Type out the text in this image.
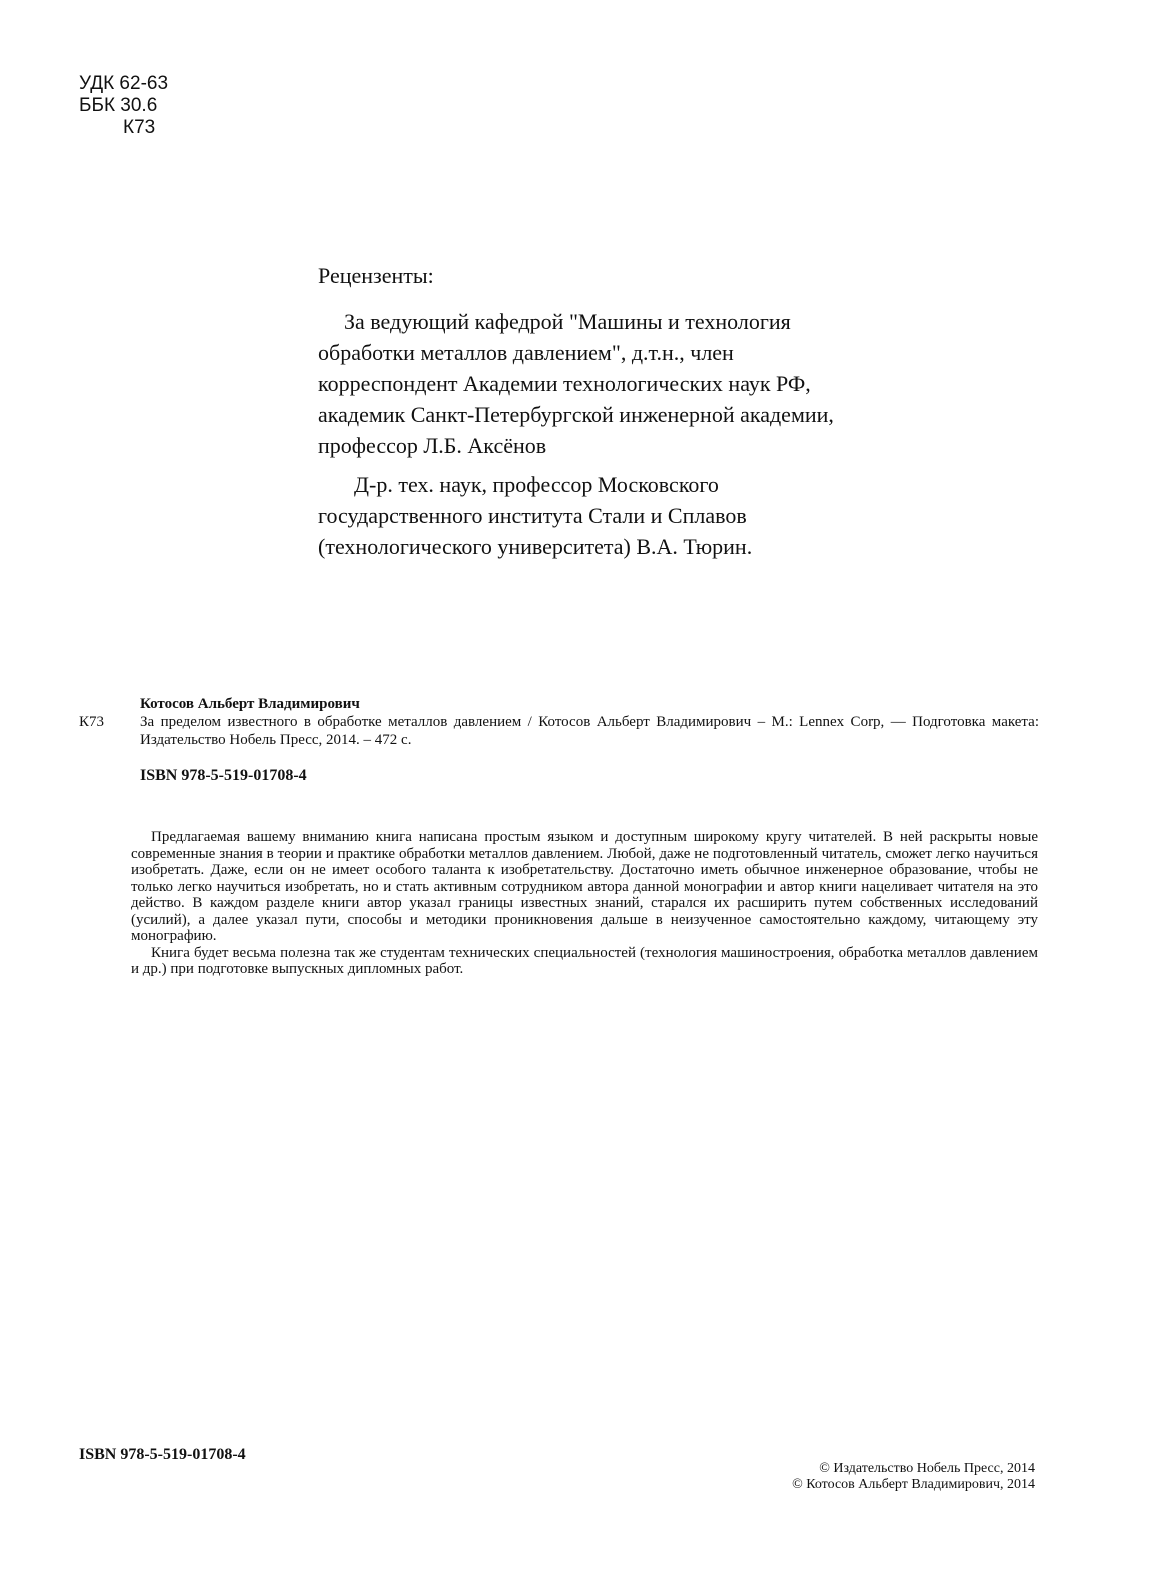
УДК 62-63
ББК 30.6
К73
Рецензенты:
За ведующий кафедрой "Машины и технология обработки металлов давлением", д.т.н., член корреспондент Академии технологических наук РФ, академик Санкт-Петербургской инженерной академии, профессор Л.Б. Аксёнов
Д-р. тех. наук, профессор Московского государственного института Стали и Сплавов (технологического университета) В.А. Тюрин.
Котосов Альберт Владимирович
К73	За пределом известного в обработке металлов давлением / Котосов Альберт Владимирович – М.: Lennex Corp, — Подготовка макета: Издательство Нобель Пресс, 2014. – 472 с.
ISBN 978-5-519-01708-4

Предлагаемая вашему вниманию книга написана простым языком и доступным широкому кругу читателей. В ней раскрыты новые современные знания в теории и практике обработки металлов давлением. Любой, даже не подготовленный читатель, сможет легко научиться изобретать. Даже, если он не имеет особого таланта к изобретательству. Достаточно иметь обычное инженерное образование, чтобы не только легко научиться изобретать, но и стать активным сотрудником автора данной монографии и автор книги нацеливает читателя на это действо. В каждом разделе книги автор указал границы известных знаний, старался их расширить путем собственных исследований (усилий), а далее указал пути, способы и методики проникновения дальше в неизученное самостоятельно каждому, читающему эту монографию.

Книга будет весьма полезна так же студентам технических специальностей (технология машиностроения, обработка металлов давлением и др.) при подготовке выпускных дипломных работ.

ISBN 978-5-519-01708-4
© Издательство Нобель Пресс, 2014
© Котосов Альберт Владимирович, 2014
